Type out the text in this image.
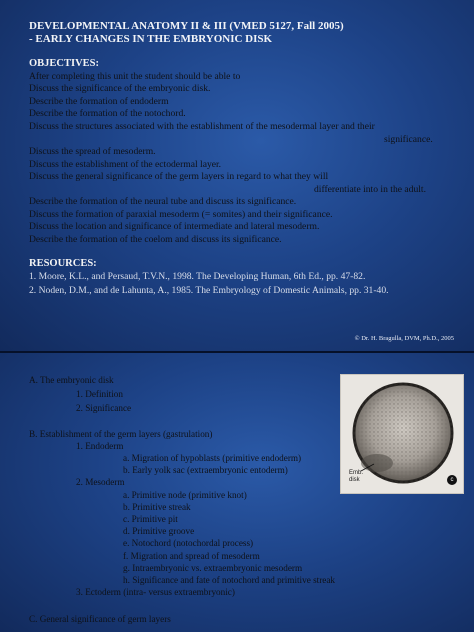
DEVELOPMENTAL ANATOMY II & III (VMED 5127, Fall 2005)
- EARLY CHANGES IN THE EMBRYONIC DISK
OBJECTIVES:
After completing this unit the student should be able to
Discuss the significance of the embryonic disk.
Describe the formation of endoderm
Describe the formation of the notochord.
Discuss the structures associated with the establishment of the mesodermal layer and their
significance.
Discuss the spread of mesoderm.
Discuss the establishment of the ectodermal layer.
Discuss the general significance of the germ layers in regard to what they will
differentiate into in the adult.
Describe the formation of the neural tube and discuss its significance.
Discuss the formation of paraxial mesoderm (= somites) and their significance.
Discuss the location and significance of intermediate and lateral mesoderm.
Describe the formation of the coelom and discuss its significance.
RESOURCES:
1. Moore, K.L., and Persaud, T.V.N., 1998. The Developing Human, 6th Ed., pp. 47-82.
2. Noden, D.M., and de Lahunta, A., 1985. The Embryology of Domestic Animals, pp. 31-40.
© Dr. H. Bragulla, DVM, Ph.D., 2005
A. The embryonic disk
1. Definition
2. Significance
B. Establishment of the germ layers (gastrulation)
1. Endoderm
a. Migration of hypoblasts (primitive endoderm)
b. Early yolk sac (extraembryonic entoderm)
2. Mesoderm
a. Primitive node (primitive knot)
b. Primitive streak
c. Primitive pit
d. Primitive groove
e. Notochord (notochordal process)
f. Migration and spread of mesoderm
g. Intraembryonic vs. extraembryonic mesoderm
h. Significance and fate of notochord and primitive streak
3. Ectoderm (intra- versus extraembryonic)
C. General significance of germ layers
Emb.
disk	c
